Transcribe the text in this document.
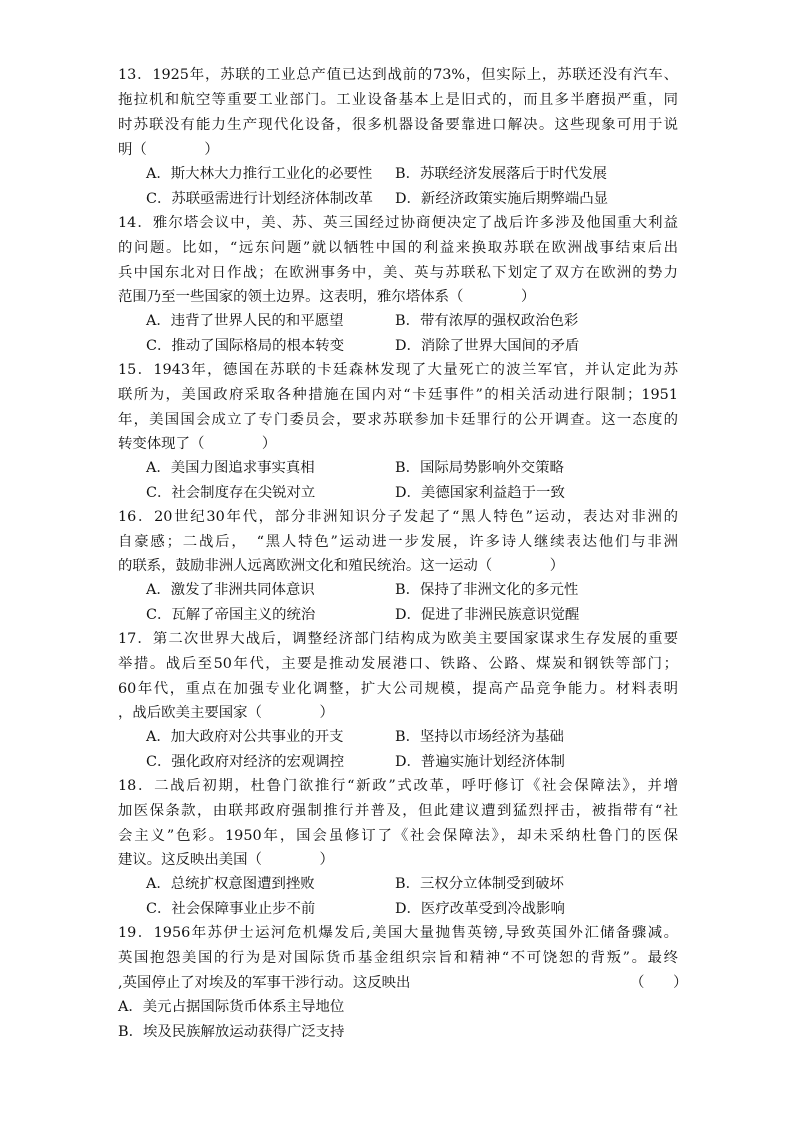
13．1925年，苏联的工业总产值已达到战前的73%，但实际上，苏联还没有汽车、
拖拉机和航空等重要工业部门。工业设备基本上是旧式的，而且多半磨损严重，同
时苏联没有能力生产现代化设备，很多机器设备要靠进口解决。这些现象可用于说
明（　　　　）
A．斯大林大力推行工业化的必要性 B．苏联经济发展落后于时代发展
C．苏联亟需进行计划经济体制改革 D．新经济政策实施后期弊端凸显
14．雅尔塔会议中，美、苏、英三国经过协商便决定了战后许多涉及他国重大利益
的问题。比如，“远东问题”就以牺牲中国的利益来换取苏联在欧洲战事结束后出
兵中国东北对日作战；在欧洲事务中，美、英与苏联私下划定了双方在欧洲的势力
范围乃至一些国家的领土边界。这表明，雅尔塔体系（　　　　）
A．违背了世界人民的和平愿望	B．带有浓厚的强权政治色彩
C．推动了国际格局的根本转变	D．消除了世界大国间的矛盾
15．1943年，德国在苏联的卡廷森林发现了大量死亡的波兰军官，并认定此为苏
联所为，美国政府采取各种措施在国内对“卡廷事件”的相关活动进行限制；1951
年，美国国会成立了专门委员会，要求苏联参加卡廷罪行的公开调查。这一态度的
转变体现了（　　　　）
A．美国力图追求事实真相	B．国际局势影响外交策略
C．社会制度存在尖锐对立	D．美德国家利益趋于一致
16．20世纪30年代，部分非洲知识分子发起了“黑人特色”运动，表达对非洲的
自豪感；二战后，　“黑人特色”运动进一步发展，许多诗人继续表达他们与非洲
的联系，鼓励非洲人远离欧洲文化和殖民统治。这一运动（　　　　）
A．激发了非洲共同体意识	B．保持了非洲文化的多元性
C．瓦解了帝国主义的统治	D．促进了非洲民族意识觉醒
17．第二次世界大战后，调整经济部门结构成为欧美主要国家谋求生存发展的重要
举措。战后至50年代，主要是推动发展港口、铁路、公路、煤炭和钢铁等部门；
60年代，重点在加强专业化调整，扩大公司规模，提高产品竞争能力。材料表明
，战后欧美主要国家（　　　　）
A．加大政府对公共事业的开支	B．坚持以市场经济为基础
C．强化政府对经济的宏观调控	D．普遍实施计划经济体制
18．二战后初期，杜鲁门欲推行“新政”式改革，呼吁修订《社会保障法》，并增
加医保条款，由联邦政府强制推行并普及，但此建议遭到猛烈抨击，被指带有“社
会主义”色彩。1950年，国会虽修订了《社会保障法》，却未采纳杜鲁门的医保
建议。这反映出美国（　　　　）
A．总统扩权意图遭到挫败	B．三权分立体制受到破坏
C．社会保障事业止步不前	D．医疗改革受到冷战影响
19．1956年苏伊士运河危机爆发后,美国大量抛售英镑,导致英国外汇储备骤减。
英国抱怨美国的行为是对国际货币基金组织宗旨和精神“不可饶恕的背叛”。最终
,英国停止了对埃及的军事干涉行动。这反映出	（　　）
A．美元占据国际货币体系主导地位
B．埃及民族解放运动获得广泛支持
